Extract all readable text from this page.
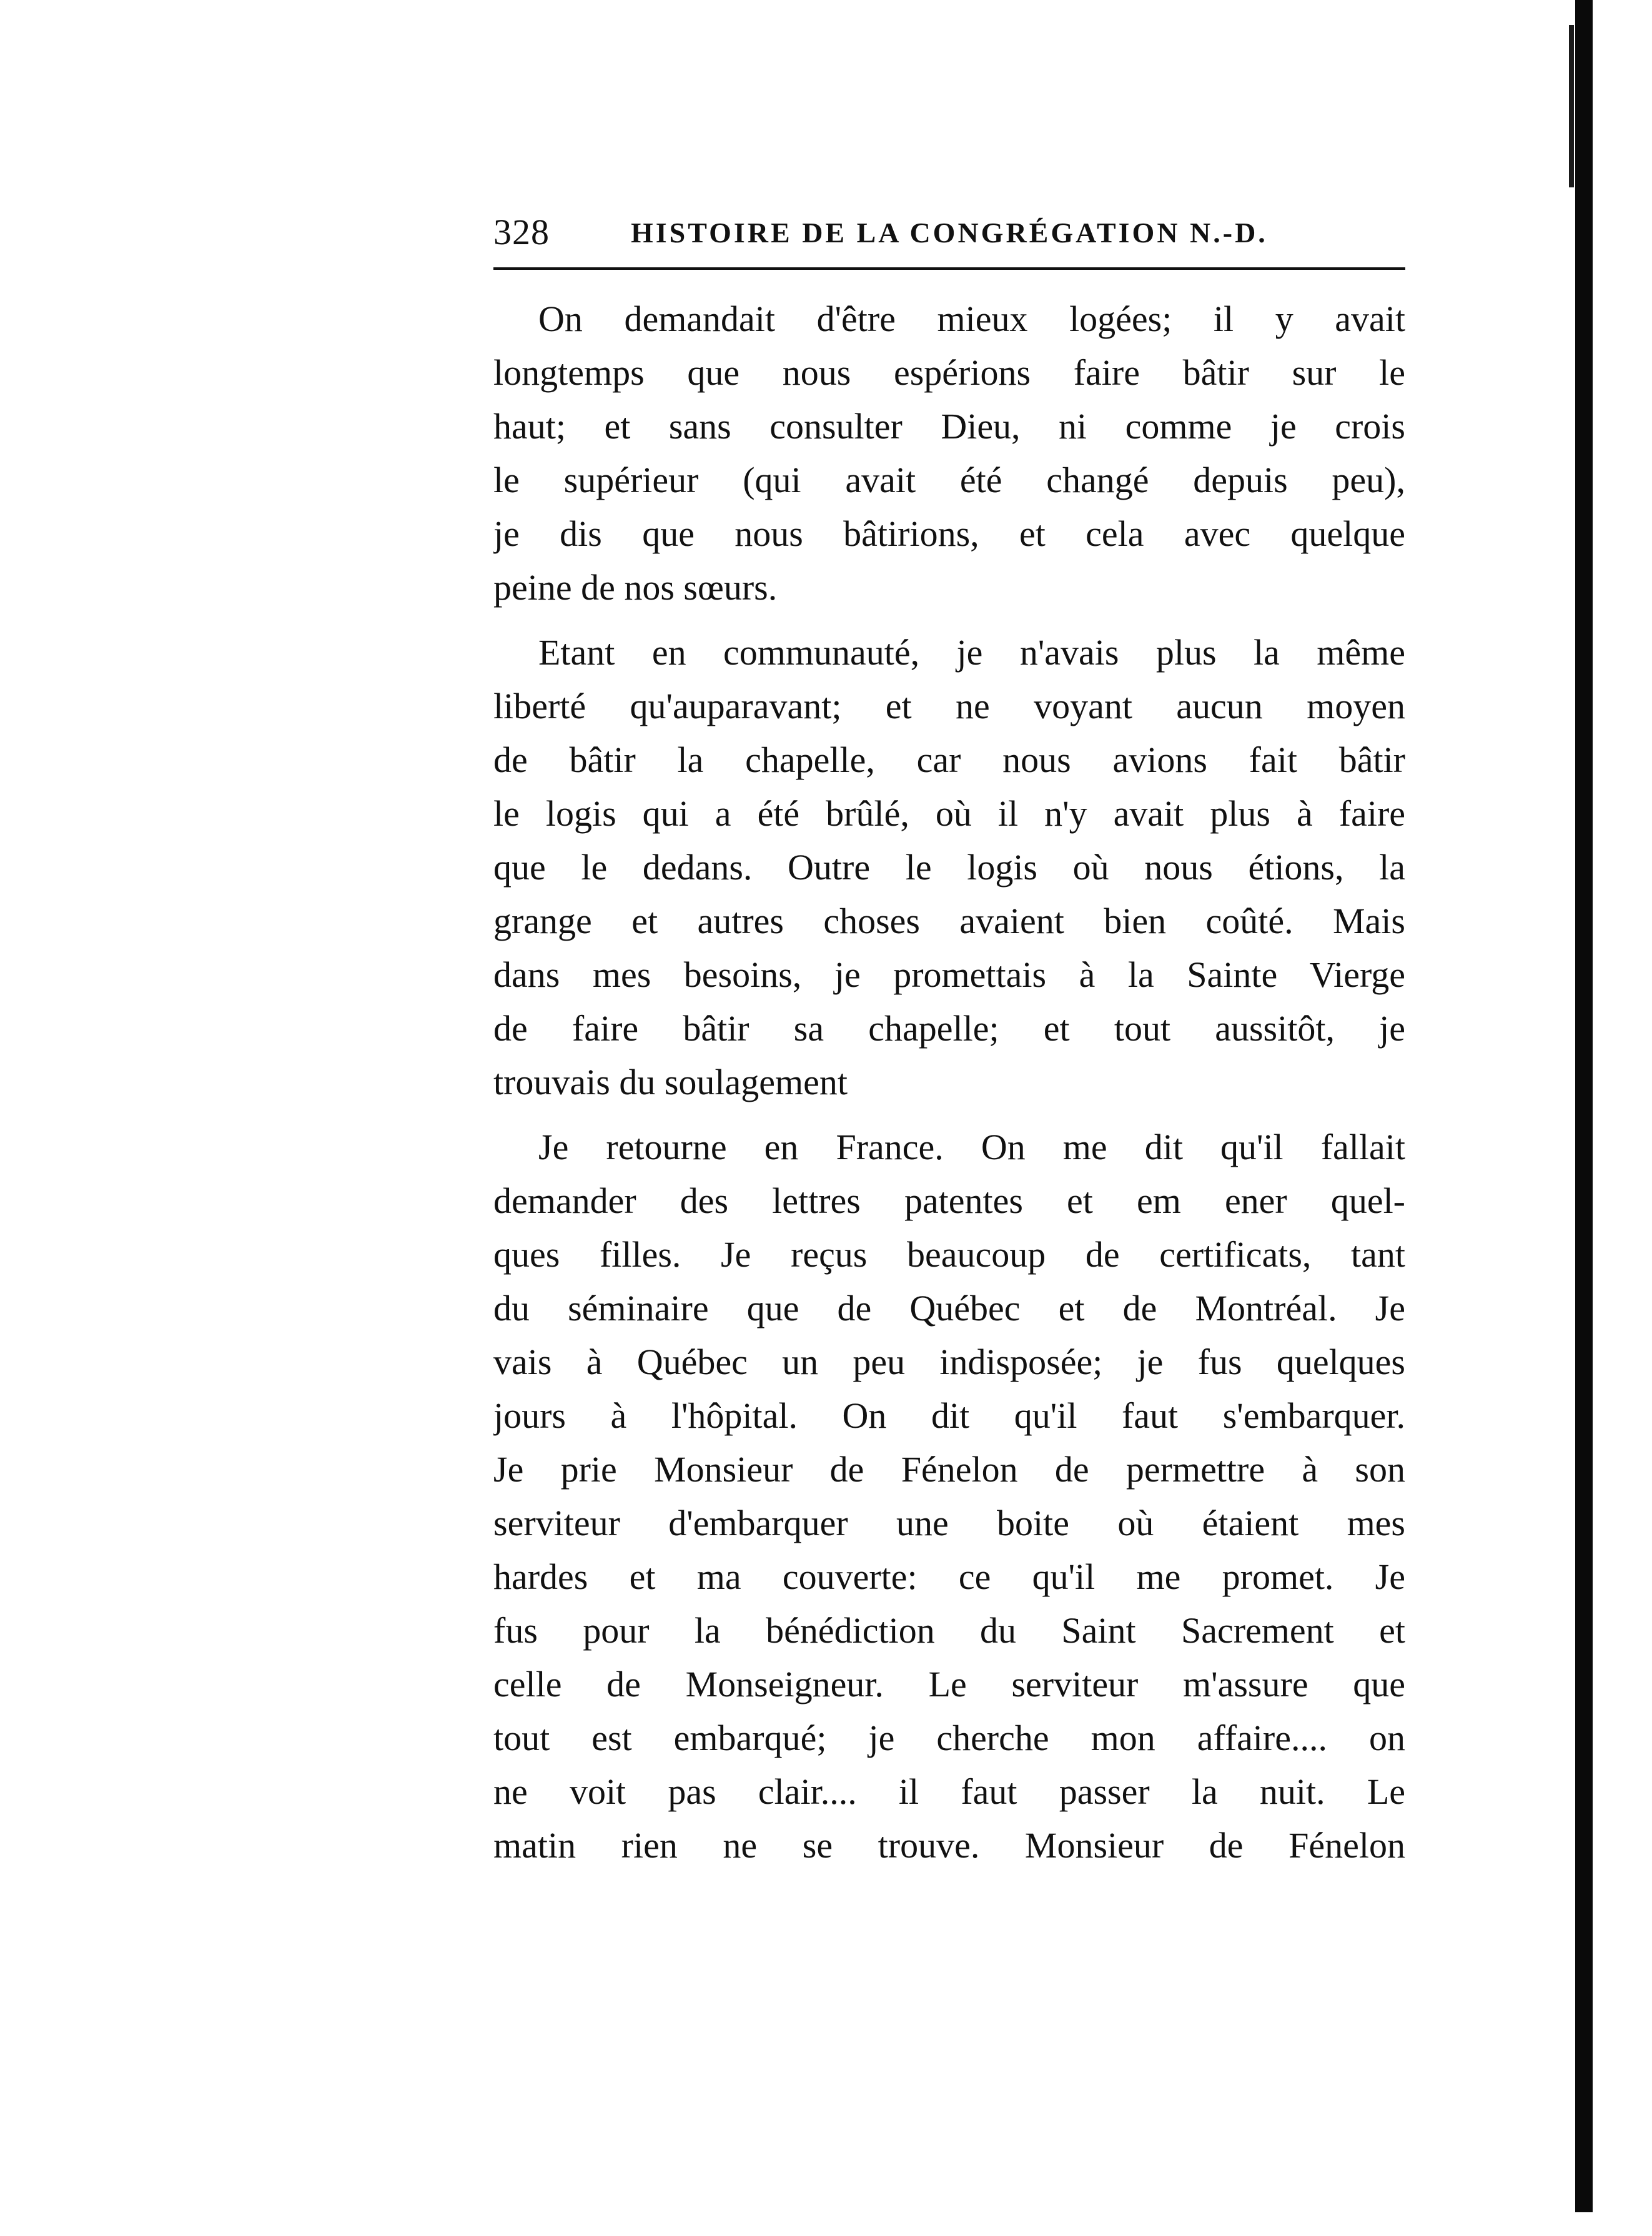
328	HISTOIRE DE LA CONGRÉGATION N.-D.
On demandait d'être mieux logées; il y avait
longtemps que nous espérions faire bâtir sur le
haut; et sans consulter Dieu, ni comme je crois
le supérieur (qui avait été changé depuis peu),
je dis que nous bâtirions, et cela avec quelque
peine de nos sœurs.
Etant en communauté, je n'avais plus la même
liberté qu'auparavant; et ne voyant aucun moyen
de bâtir la chapelle, car nous avions fait bâtir
le logis qui a été brûlé, où il n'y avait plus à faire
que le dedans. Outre le logis où nous étions, la
grange et autres choses avaient bien coûté. Mais
dans mes besoins, je promettais à la Sainte Vierge
de faire bâtir sa chapelle; et tout aussitôt, je
trouvais du soulagement
Je retourne en France. On me dit qu'il fallait
demander des lettres patentes et em ener quel-
ques filles. Je reçus beaucoup de certificats, tant
du séminaire que de Québec et de Montréal. Je
vais à Québec un peu indisposée; je fus quelques
jours à l'hôpital. On dit qu'il faut s'embarquer.
Je prie Monsieur de Fénelon de permettre à son
serviteur d'embarquer une boite où étaient mes
hardes et ma couverte: ce qu'il me promet. Je
fus pour la bénédiction du Saint Sacrement et
celle de Monseigneur. Le serviteur m'assure que
tout est embarqué; je cherche mon affaire.... on
ne voit pas clair.... il faut passer la nuit. Le
matin rien ne se trouve. Monsieur de Fénelon
